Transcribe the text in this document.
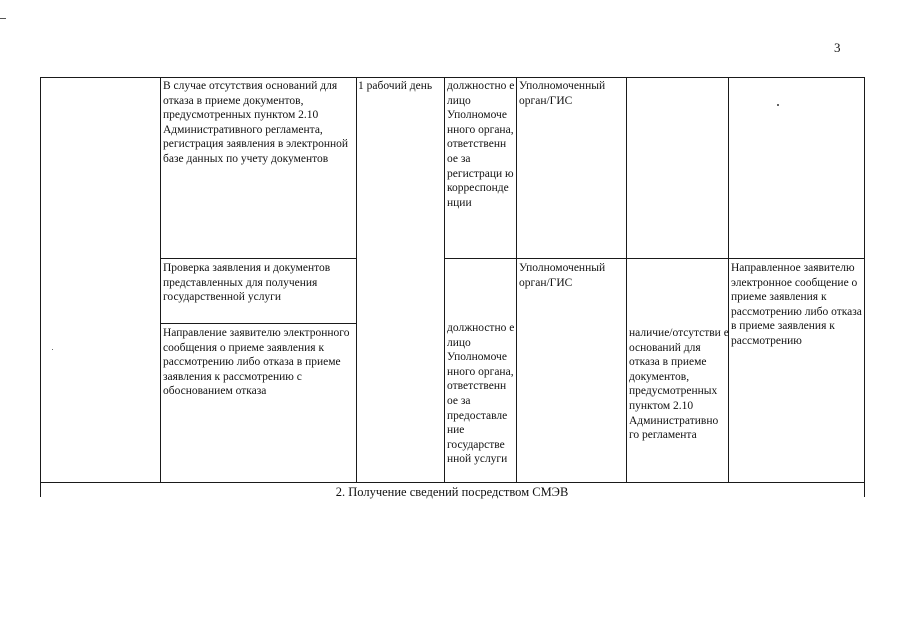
3
В случае отсутствия оснований для отказа в приеме документов, предусмотренных пунктом 2.10 Административного регламента, регистрация заявления в электронной базе данных по учету документов
1 рабочий день	должностно е лицо Уполномоче нного органа, ответственн ое за регистраци ю корреспонде нции
Уполномоченный орган/ГИС
Проверка заявления и документов представленных для получения государственной услуги
Уполномоченный орган/ГИС
Направленное заявителю электронное сообщение о приеме заявления к рассмотрению либо отказа в приеме заявления к рассмотрению
Направление заявителю электронного сообщения о приеме заявления к рассмотрению либо отказа в приеме заявления к рассмотрению с обоснованием отказа
должностно е лицо Уполномоче нного органа, ответственн ое за предоставле ние государстве нной услуги
наличие/отсутстви е оснований для отказа в приеме документов, предусмотренных пунктом 2.10 Административно го регламента
2. Получение сведений посредством СМЭВ
